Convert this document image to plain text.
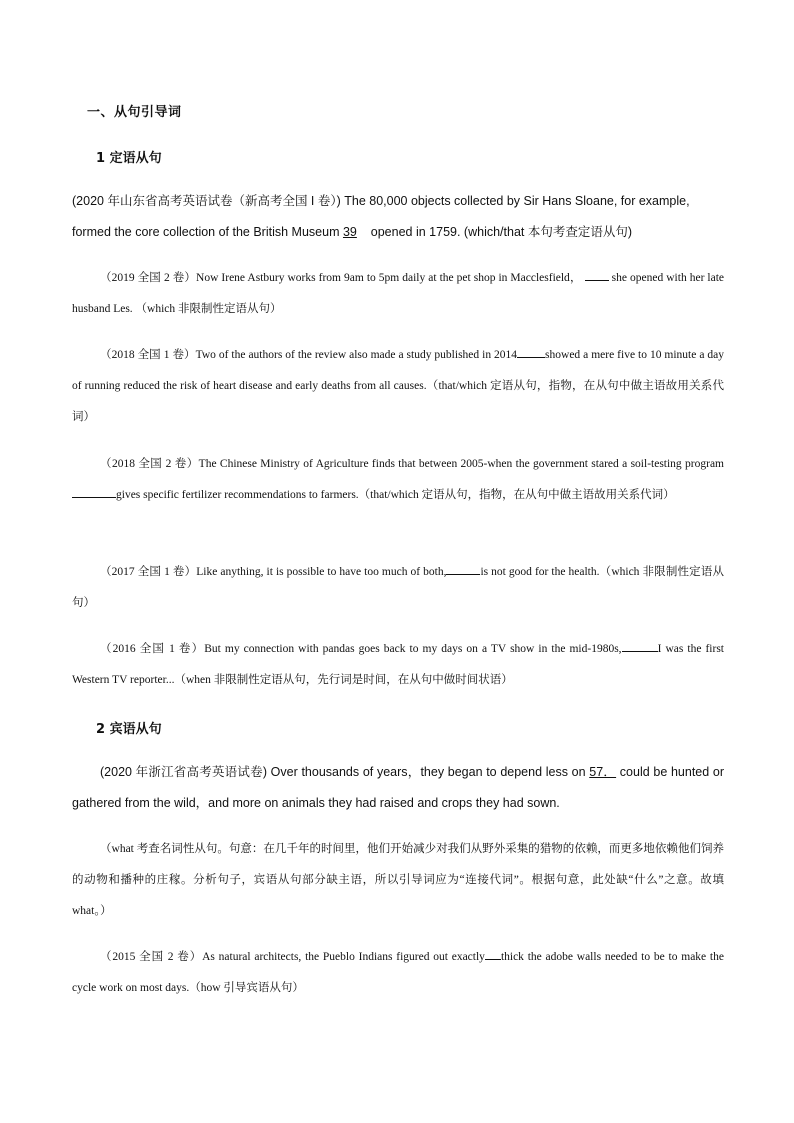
一、从句引导词
1 定语从句

(2020 年山东省高考英语试卷（新高考全国 I 卷）) The 80,000 objects collected by Sir Hans Sloane, for example,
formed the core collection of the British Museum 39 opened in 1759. (which/that 本句考查定语从句)

（2019 全国 2 卷）Now Irene Astbury works from 9am to 5pm daily at the pet shop in Macclesfield，	she opened with her late husband Les. （which 非限制性定语从句）

（2018 全国 1 卷）Two of the authors of the review also made a study published in 2014 showed a mere five to 10 minute a day of running reduced the risk of heart disease and early deaths from all causes.（that/which 定语从句，指物，在从句中做主语故用关系代词）

（2018 全国 2 卷）The Chinese Ministry of Agriculture finds that between 2005-when the government stared a soil-testing programgives specific fertilizer recommendations to farmers.（that/which 定语从句，指物，在从句中做主语故用关系代词）

（2017 全国 1 卷）Like anything, it is possible to have too much of both,	is not good for the health.（which 非限制性定语从句）

（2016 全国 1 卷）But my connection with pandas goes back to my days on a TV show in the mid-1980s,	I was the first Western TV reporter...（when 非限制性定语从句，先行词是时间，在从句中做时间状语）

2 宾语从句

(2020 年浙江省高考英语试卷) Over thousands of years，they began to depend less on 57． could be hunted or gathered from the wild，and more on animals they had raised and crops they had sown.

（what 考查名词性从句。句意：在几千年的时间里，他们开始减少对我们从野外采集的猎物的依赖，而更多地依赖他们饲养的动物和播种的庄稼。分析句子，宾语从句部分缺主语，所以引导词应为“连接代词”。根据句意，此处缺“什么”之意。故填 what。）

（2015 全国 2 卷）As natural architects, the Pueblo Indians figured out exactly thick the adobe walls needed to be to make the cycle work on most days.（how 引导宾语从句）
